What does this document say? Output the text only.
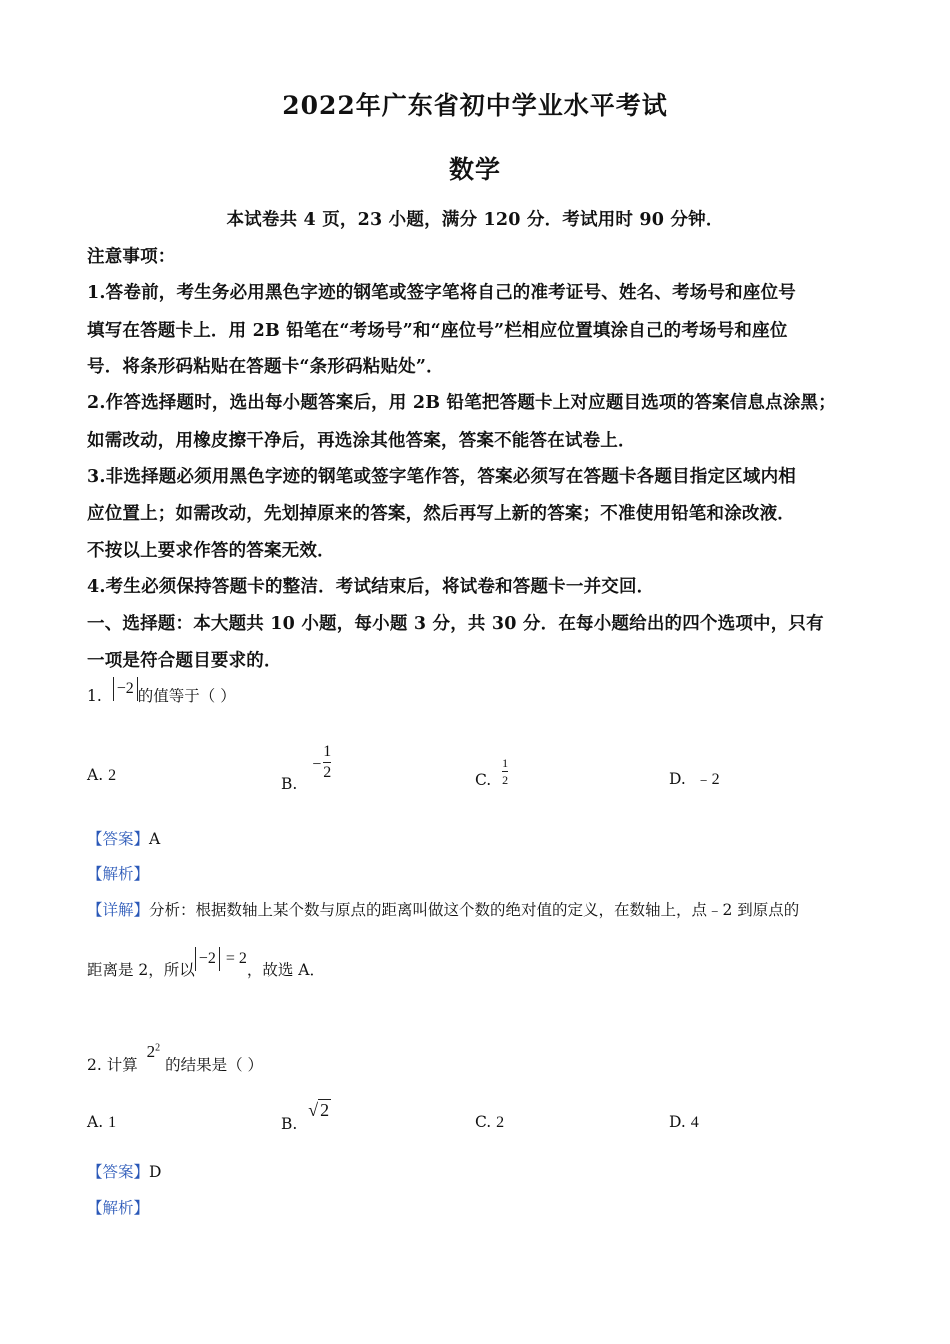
2022年广东省初中学业水平考试
数学
本试卷共 4 页，23 小题，满分 120 分．考试用时 90 分钟．
注意事项：
1.答卷前，考生务必用黑色字迹的钢笔或签字笔将自己的准考证号、姓名、考场号和座位号
填写在答题卡上．用 2B 铅笔在“考场号”和“座位号”栏相应位置填涂自己的考场号和座位
号．将条形码粘贴在答题卡“条形码粘贴处”．
2.作答选择题时，选出每小题答案后，用 2B 铅笔把答题卡上对应题目选项的答案信息点涂黑；
如需改动，用橡皮擦干净后，再选涂其他答案，答案不能答在试卷上．
3.非选择题必须用黑色字迹的钢笔或签字笔作答，答案必须写在答题卡各题目指定区域内相
应位置上；如需改动，先划掉原来的答案，然后再写上新的答案；不准使用铅笔和涂改液．
不按以上要求作答的答案无效．
4.考生必须保持答题卡的整洁．考试结束后，将试卷和答题卡一并交回．
一、选择题：本大题共 10 小题，每小题 3 分，共 30 分．在每小题给出的四个选项中，只有
一项是符合题目要求的．
1. −2 的值等于（ ）
A. 2	B. − $\frac{1}{2}$	C. $\frac{1}{2}$	D. ﹣2
【答案】A
【解析】
【详解】分析：根据数轴上某个数与原点的距离叫做这个数的绝对值的定义，在数轴上，点﹣2 到原点的
距离是 2，所以−2 = 2，故选 A．
2. 计算 $2^2$ 的结果是（ ）
A. 1	B. √ 2
C. 2	D. 4
【答案】D
【解析】
